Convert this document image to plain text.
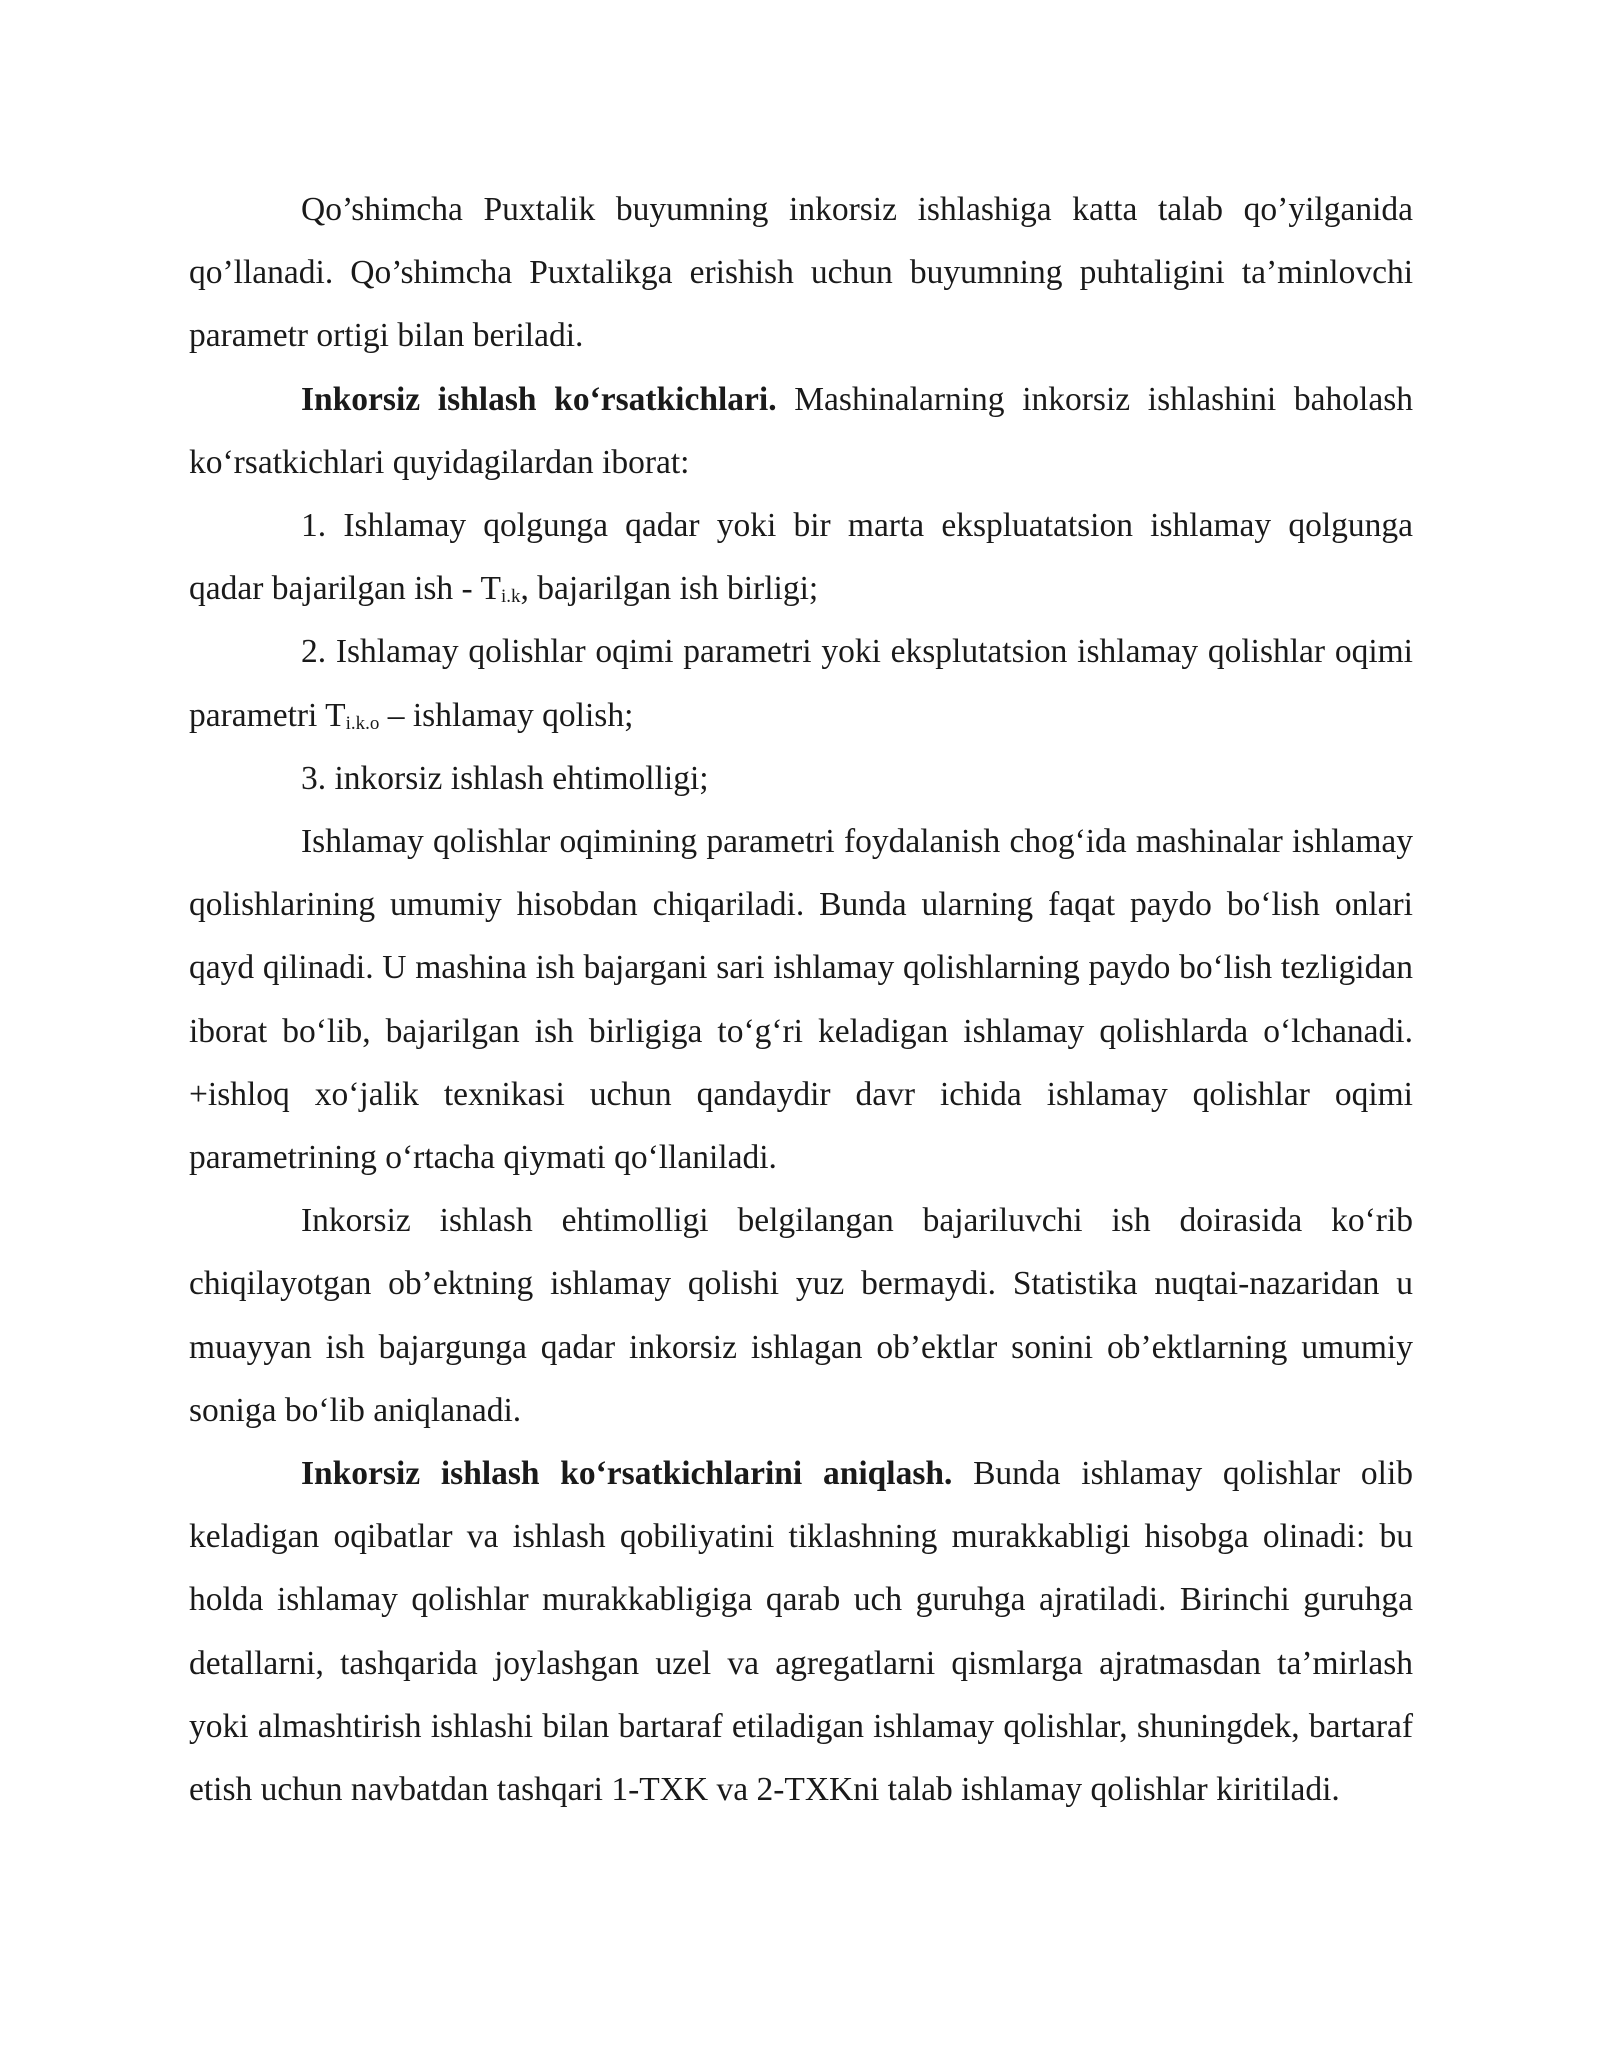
Qo’shimcha Puxtalik buyumning inkorsiz ishlashiga katta talab qo’yilganida qo’llanadi. Qo’shimcha Puxtalikga erishish uchun buyumning puhtaligini ta’minlovchi parametr ortigi bilan beriladi.

Inkorsiz ishlash ko‘rsatkichlari. Mashinalarning inkorsiz ishlashini baholash ko‘rsatkichlari quyidagilardan iborat:

1. Ishlamay qolgunga qadar yoki bir marta ekspluatatsion ishlamay qolgunga qadar bajarilgan ish - $T_{i.k}$, bajarilgan ish birligi;

2. Ishlamay qolishlar oqimi parametri yoki eksplutatsion ishlamay qolishlar oqimi parametri $T_{i.k.o}$ – ishlamay qolish;

3. inkorsiz ishlash ehtimolligi;

Ishlamay qolishlar oqimining parametri foydalanish chog‘ida mashinalar ishlamay qolishlarining umumiy hisobdan chiqariladi. Bunda ularning faqat paydo bo‘lish onlari qayd qilinadi. U mashina ish bajargani sari ishlamay qolishlarning paydo bo‘lish tezligidan iborat bo‘lib, bajarilgan ish birligiga to‘g‘ri keladigan ishlamay qolishlarda o‘lchanadi. +ishloq xo‘jalik texnikasi uchun qandaydir davr ichida ishlamay qolishlar oqimi parametrining o‘rtacha qiymati qo‘llaniladi.

Inkorsiz ishlash ehtimolligi belgilangan bajariluvchi ish doirasida ko‘rib chiqilayotgan ob’ektning ishlamay qolishi yuz bermaydi. Statistika nuqtai-nazaridan u muayyan ish bajargunga qadar inkorsiz ishlagan ob’ektlar sonini ob’ektlarning umumiy soniga bo‘lib aniqlanadi.

Inkorsiz ishlash ko‘rsatkichlarini aniqlash. Bunda ishlamay qolishlar olib keladigan oqibatlar va ishlash qobiliyatini tiklashning murakkabligi hisobga olinadi: bu holda ishlamay qolishlar murakkabligiga qarab uch guruhga ajratiladi. Birinchi guruhga detallarni, tashqarida joylashgan uzel va agregatlarni qismlarga ajratmasdan ta’mirlash yoki almashtirish ishlashi bilan bartaraf etiladigan ishlamay qolishlar, shuningdek, bartaraf etish uchun navbatdan tashqari 1-TXK va 2-TXKni talab ishlamay qolishlar kiritiladi.
